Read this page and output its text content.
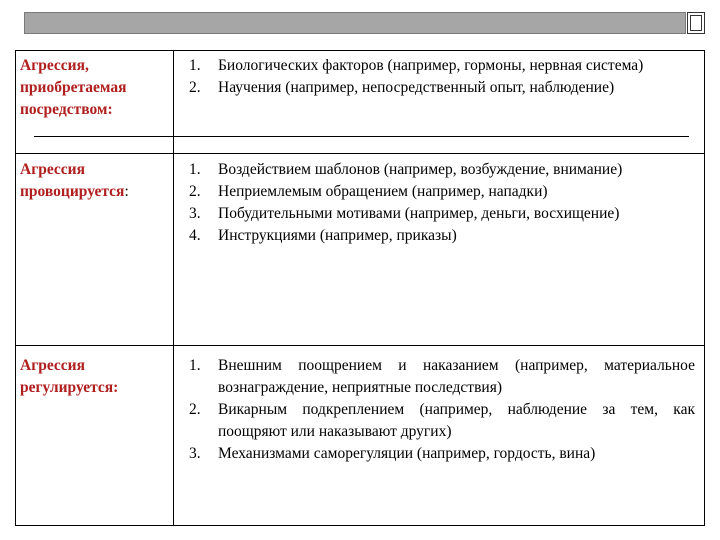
Агрессия, приобретаемая посредством:
1. Биологических факторов (например, гормоны, нервная система)
2. Научения (например, непосредственный опыт, наблюдение)
Агрессия провоцируется:
1. Воздействием шаблонов (например, возбуждение, внимание)
2. Неприемлемым обращением (например, нападки)
3. Побудительными мотивами (например, деньги, восхищение)
4. Инструкциями (например, приказы)
Агрессия регулируется:
1. Внешним поощрением и наказанием (например, материальное вознаграждение, неприятные последствия)
2. Викарным подкреплением (например, наблюдение за тем, как поощряют или наказывают других)
3. Механизмами саморегуляции (например, гордость, вина)
